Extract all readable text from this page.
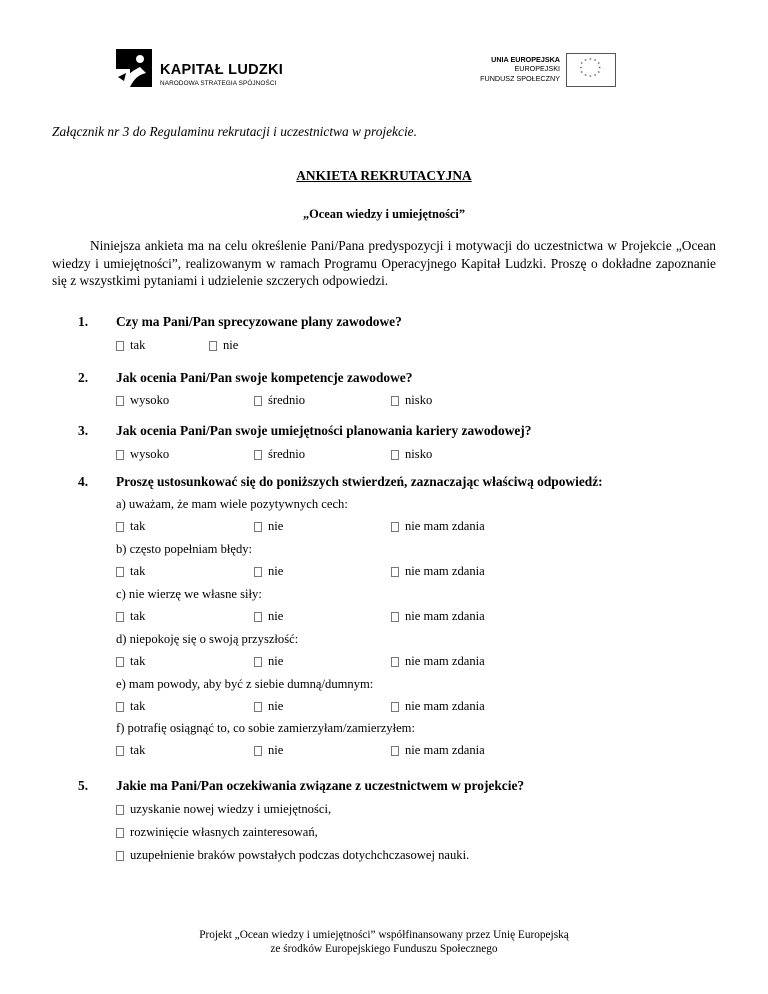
KAPITAŁ LUDZKI
NARODOWA STRATEGIA SPÓJNOŚCI
UNIA EUROPEJSKA
EUROPEJSKI
FUNDUSZ SPOŁECZNY
* *
*
*
*
*
*
*
*
*
*
*
Załącznik nr 3 do Regulaminu rekrutacji i uczestnictwa w projekcie.
ANKIETA REKRUTACYJNA
„Ocean wiedzy i umiejętności”

Niniejsza ankieta ma na celu określenie Pani/Pana predyspozycji i motywacji do uczestnictwa w Projekcie „Ocean wiedzy i umiejętności”, realizowanym w ramach Programu Operacyjnego Kapitał Ludzki. Proszę o dokładne zapoznanie się z wszystkimi pytaniami i udzielenie szczerych odpowiedzi.

1. Czy ma Pani/Pan sprecyzowane plany zawodowe?
tak	nie
2. Jak ocenia Pani/Pan swoje kompetencje zawodowe?
wysoko	średnio	nisko
3. Jak ocenia Pani/Pan swoje umiejętności planowania kariery zawodowej?
wysoko	średnio	nisko
4. Proszę ustosunkować się do poniższych stwierdzeń, zaznaczając właściwą odpowiedź:
a) uważam, że mam wiele pozytywnych cech:
tak	nie	nie mam zdania
b) często popełniam błędy:
tak	nie	nie mam zdania
c) nie wierzę we własne siły:
tak	nie	nie mam zdania
d) niepokoję się o swoją przyszłość:
tak	nie	nie mam zdania
e) mam powody, aby być z siebie dumną/dumnym:
tak	nie	nie mam zdania
f) potrafię osiągnąć to, co sobie zamierzyłam/zamierzyłem:
tak	nie	nie mam zdania
5. Jakie ma Pani/Pan oczekiwania związane z uczestnictwem w projekcie?
uzyskanie nowej wiedzy i umiejętności,
rozwinięcie własnych zainteresowań,
uzupełnienie braków powstałych podczas dotychchczasowej nauki.
Projekt „Ocean wiedzy i umiejętności” współfinansowany przez Unię Europejską
ze środków Europejskiego Funduszu Społecznego
